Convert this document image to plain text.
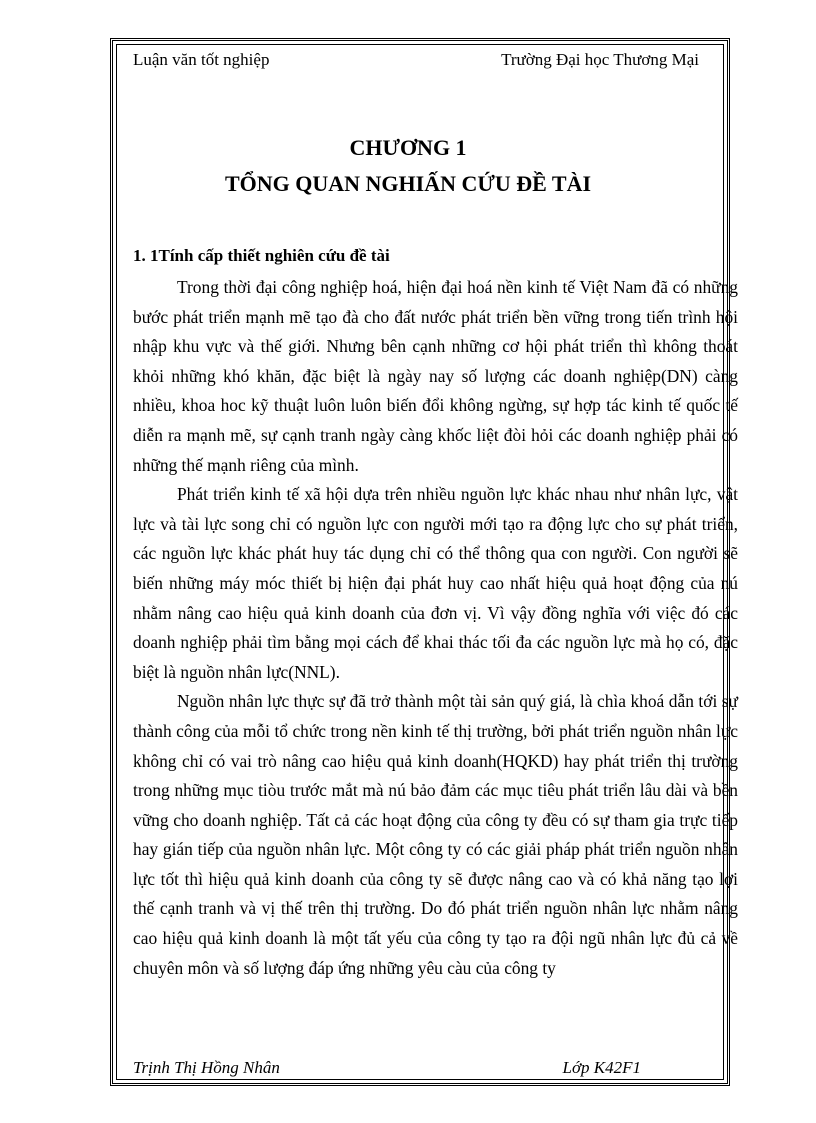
Luận văn tốt nghiệp	Trường Đại học Thương Mại
CHƯƠNG 1
TỔNG QUAN NGHIẤN CỨU ĐỀ TÀI
1. 1Tính cấp thiết nghiên cứu đề tài

Trong thời đại công nghiệp hoá, hiện đại hoá nền kinh tế Việt Nam đã có những bước phát triển mạnh mẽ tạo đà cho đất nước phát triển bền vững trong tiến trình hội nhập khu vực và thế giới. Nhưng bên cạnh những cơ hội phát triển thì không thoát khỏi những khó khăn, đặc biệt là ngày nay số lượng các doanh nghiệp(DN) càng nhiều, khoa hoc kỹ thuật luôn luôn biến đổi không ngừng, sự hợp tác kinh tế quốc tế diễn ra mạnh mẽ, sự cạnh tranh ngày càng khốc liệt đòi hỏi các doanh nghiệp phải có những thế mạnh riêng của mình.

Phát triển kinh tế xã hội dựa trên nhiều nguồn lực khác nhau như nhân lực, vật lực và tài lực song chỉ có nguồn lực con người mới tạo ra động lực cho sự phát triển, các nguồn lực khác phát huy tác dụng chỉ có thể thông qua con người. Con người sẽ biến những máy móc thiết bị hiện đại phát huy cao nhất hiệu quả hoạt động của nú nhằm nâng cao hiệu quả kinh doanh của đơn vị. Vì vậy đồng nghĩa với việc đó các doanh nghiệp phải tìm bằng mọi cách để khai thác tối đa các nguồn lực mà họ có, đặc biệt là nguồn nhân lực(NNL).

Nguồn nhân lực thực sự đã trở thành một tài sản quý giá, là chìa khoá dẫn tới sự thành công của mỗi tổ chức trong nền kinh tế thị trường, bởi phát triển nguồn nhân lực không chỉ có vai trò nâng cao hiệu quả kinh doanh(HQKD) hay phát triển thị trường trong những mục tiòu trước mắt mà nú bảo đảm các mục tiêu phát triển lâu dài và bền vững cho doanh nghiệp. Tất cả các hoạt động của công ty đều có sự tham gia trực tiếp hay gián tiếp của nguồn nhân lực. Một công ty có các giải pháp phát triển nguồn nhân lực tốt thì hiệu quả kinh doanh của công ty sẽ được nâng cao và có khả năng tạo lợi thế cạnh tranh và vị thế trên thị trường. Do đó phát triển nguồn nhân lực nhằm nâng cao hiệu quả kinh doanh là một tất yếu của công ty tạo ra đội ngũ nhân lực đủ cả về chuyên môn và số lượng đáp ứng những yêu càu của công ty

Trịnh Thị Hồng Nhân	Lớp K42F1
